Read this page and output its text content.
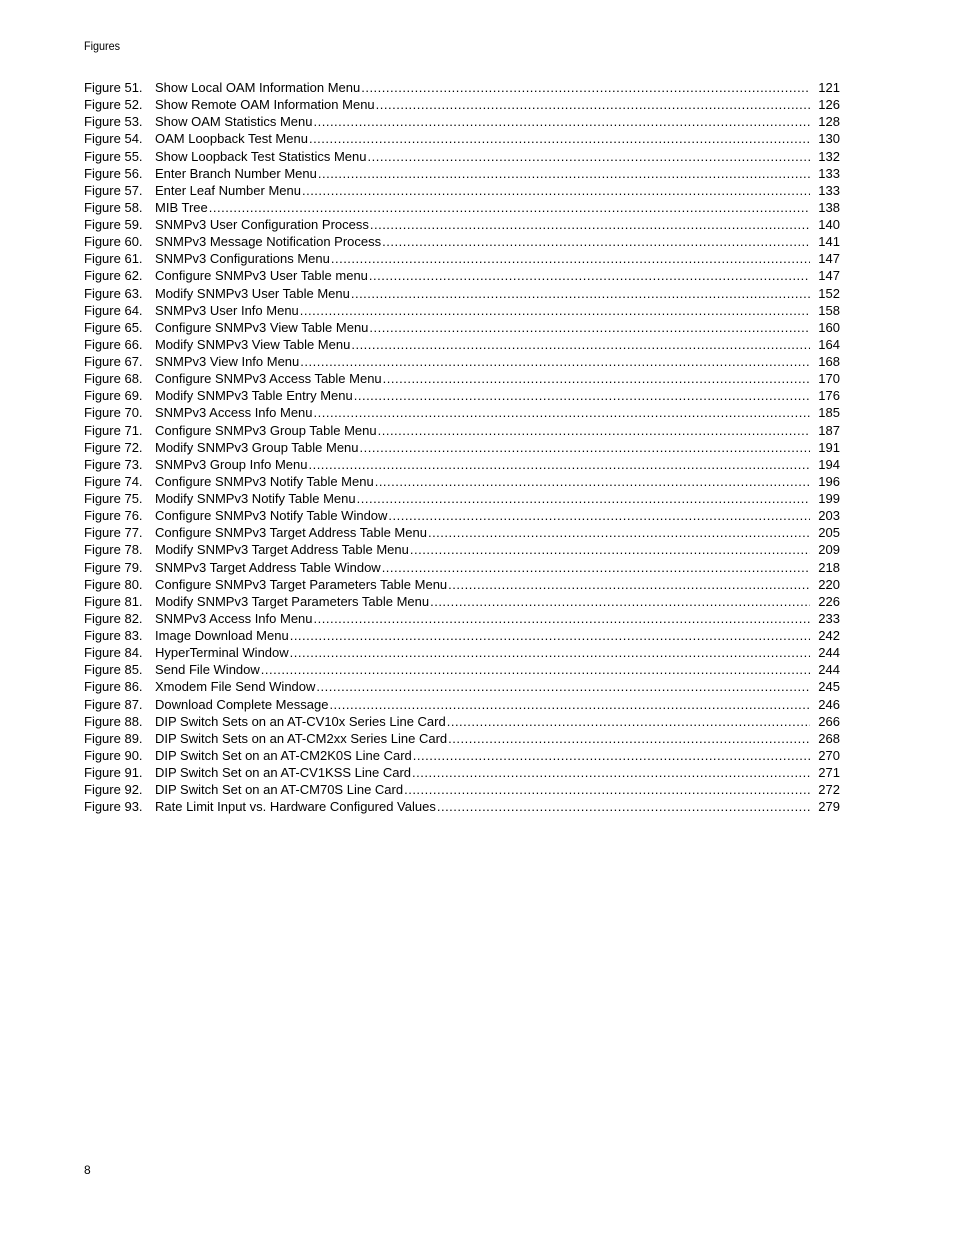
Figures
Figure 51. Show Local OAM Information Menu .....	121
Figure 52. Show Remote OAM Information Menu .....	126
Figure 53. Show OAM Statistics Menu .....	128
Figure 54. OAM Loopback Test Menu .....	130
Figure 55. Show Loopback Test Statistics Menu .....	132
Figure 56. Enter Branch Number Menu .....	133
Figure 57. Enter Leaf Number Menu .....	133
Figure 58. MIB Tree .....	138
Figure 59. SNMPv3 User Configuration Process .....	140
Figure 60. SNMPv3 Message Notification Process .....	141
Figure 61. SNMPv3 Configurations Menu .....	147
Figure 62. Configure SNMPv3 User Table menu .....	147
Figure 63. Modify SNMPv3 User Table Menu .....	152
Figure 64. SNMPv3 User Info Menu .....	158
Figure 65. Configure SNMPv3 View Table Menu .....	160
Figure 66. Modify SNMPv3 View Table Menu .....	164
Figure 67. SNMPv3 View Info Menu .....	168
Figure 68. Configure SNMPv3 Access Table Menu .....	170
Figure 69. Modify SNMPv3 Table Entry Menu .....	176
Figure 70. SNMPv3 Access Info Menu .....	185
Figure 71. Configure SNMPv3 Group Table Menu .....	187
Figure 72. Modify SNMPv3 Group Table Menu .....	191
Figure 73. SNMPv3 Group Info Menu .....	194
Figure 74. Configure SNMPv3 Notify Table Menu .....	196
Figure 75. Modify SNMPv3 Notify Table Menu .....	199
Figure 76. Configure SNMPv3 Notify Table Window .....	203
Figure 77. Configure SNMPv3 Target Address Table Menu .....	205
Figure 78. Modify SNMPv3 Target Address Table Menu .....	209
Figure 79. SNMPv3 Target Address Table Window .....	218
Figure 80. Configure SNMPv3 Target Parameters Table Menu .....	220
Figure 81. Modify SNMPv3 Target Parameters Table Menu .....	226
Figure 82. SNMPv3 Access Info Menu .....	233
Figure 83. Image Download Menu .....	242
Figure 84. HyperTerminal Window .....	244
Figure 85. Send File Window .....	244
Figure 86. Xmodem File Send Window .....	245
Figure 87. Download Complete Message .....	246
Figure 88. DIP Switch Sets on an AT-CV10x Series Line Card .....	266
Figure 89. DIP Switch Sets on an AT-CM2xx Series Line Card .....	268
Figure 90. DIP Switch Set on an AT-CM2K0S Line Card .....	270
Figure 91. DIP Switch Set on an AT-CV1KSS Line Card .....	271
Figure 92. DIP Switch Set on an AT-CM70S Line Card .....	272
Figure 93. Rate Limit Input vs. Hardware Configured Values .....	279
8
